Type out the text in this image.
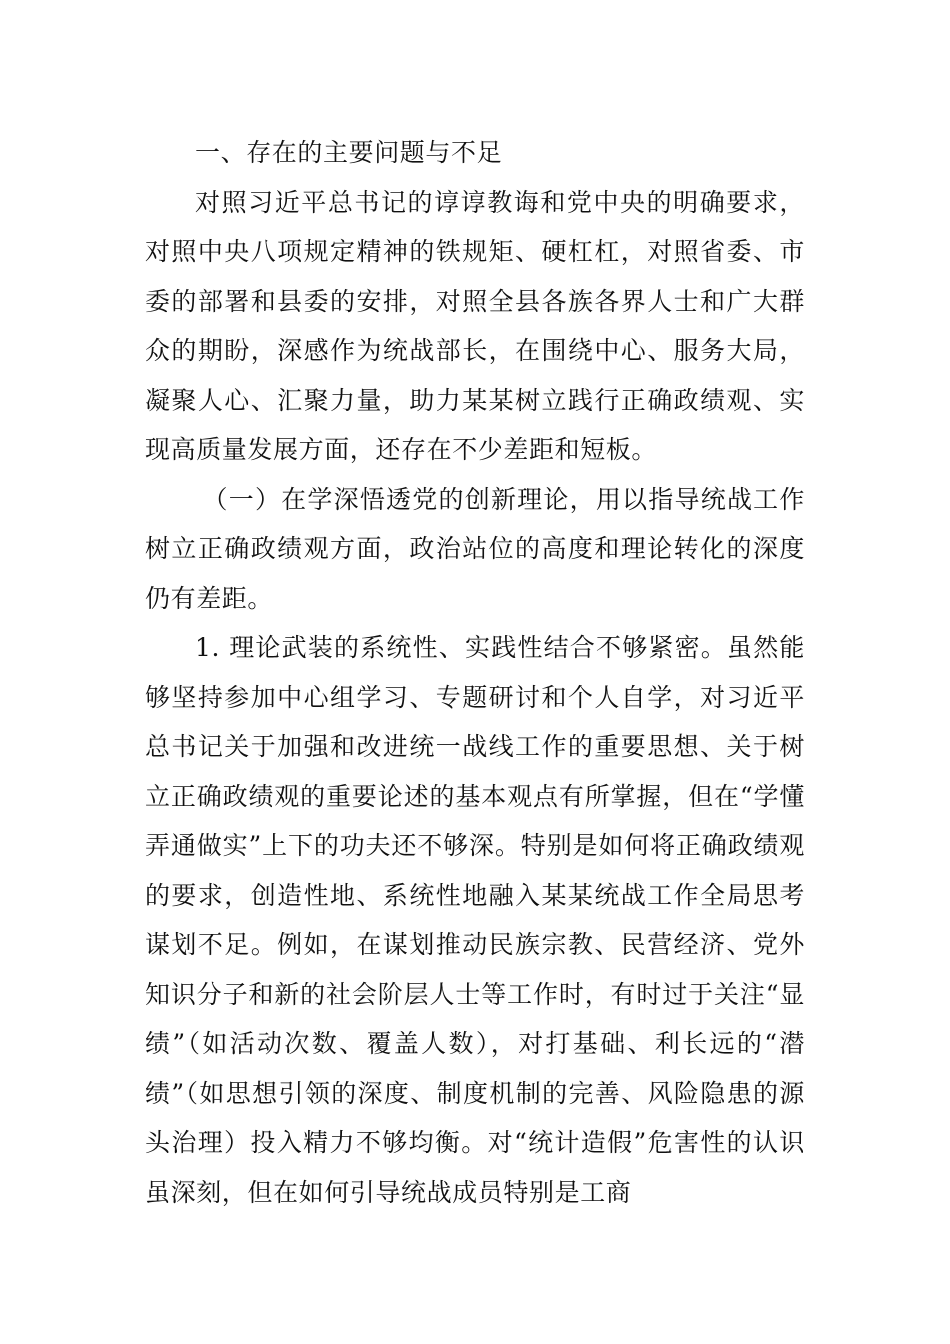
一、存在的主要问题与不足

对照习近平总书记的谆谆教诲和党中央的明确要求，对照中央八项规定精神的铁规矩、硬杠杠，对照省委、市委的部署和县委的安排，对照全县各族各界人士和广大群众的期盼，深感作为统战部长，在围绕中心、服务大局，凝聚人心、汇聚力量，助力某某树立践行正确政绩观、实现高质量发展方面，还存在不少差距和短板。

（一）在学深悟透党的创新理论，用以指导统战工作树立正确政绩观方面，政治站位的高度和理论转化的深度仍有差距。

1. 理论武装的系统性、实践性结合不够紧密。虽然能够坚持参加中心组学习、专题研讨和个人自学，对习近平总书记关于加强和改进统一战线工作的重要思想、关于树立正确政绩观的重要论述的基本观点有所掌握，但在“学懂弄通做实”上下的功夫还不够深。特别是如何将正确政绩观的要求，创造性地、系统性地融入某某统战工作全局思考谋划不足。例如，在谋划推动民族宗教、民营经济、党外知识分子和新的社会阶层人士等工作时，有时过于关注“显绩”（如活动次数、覆盖人数），对打基础、利长远的“潜绩”（如思想引领的深度、制度机制的完善、风险隐患的源头治理）投入精力不够均衡。对“统计造假”危害性的认识虽深刻，但在如何引导统战成员特别是工商
